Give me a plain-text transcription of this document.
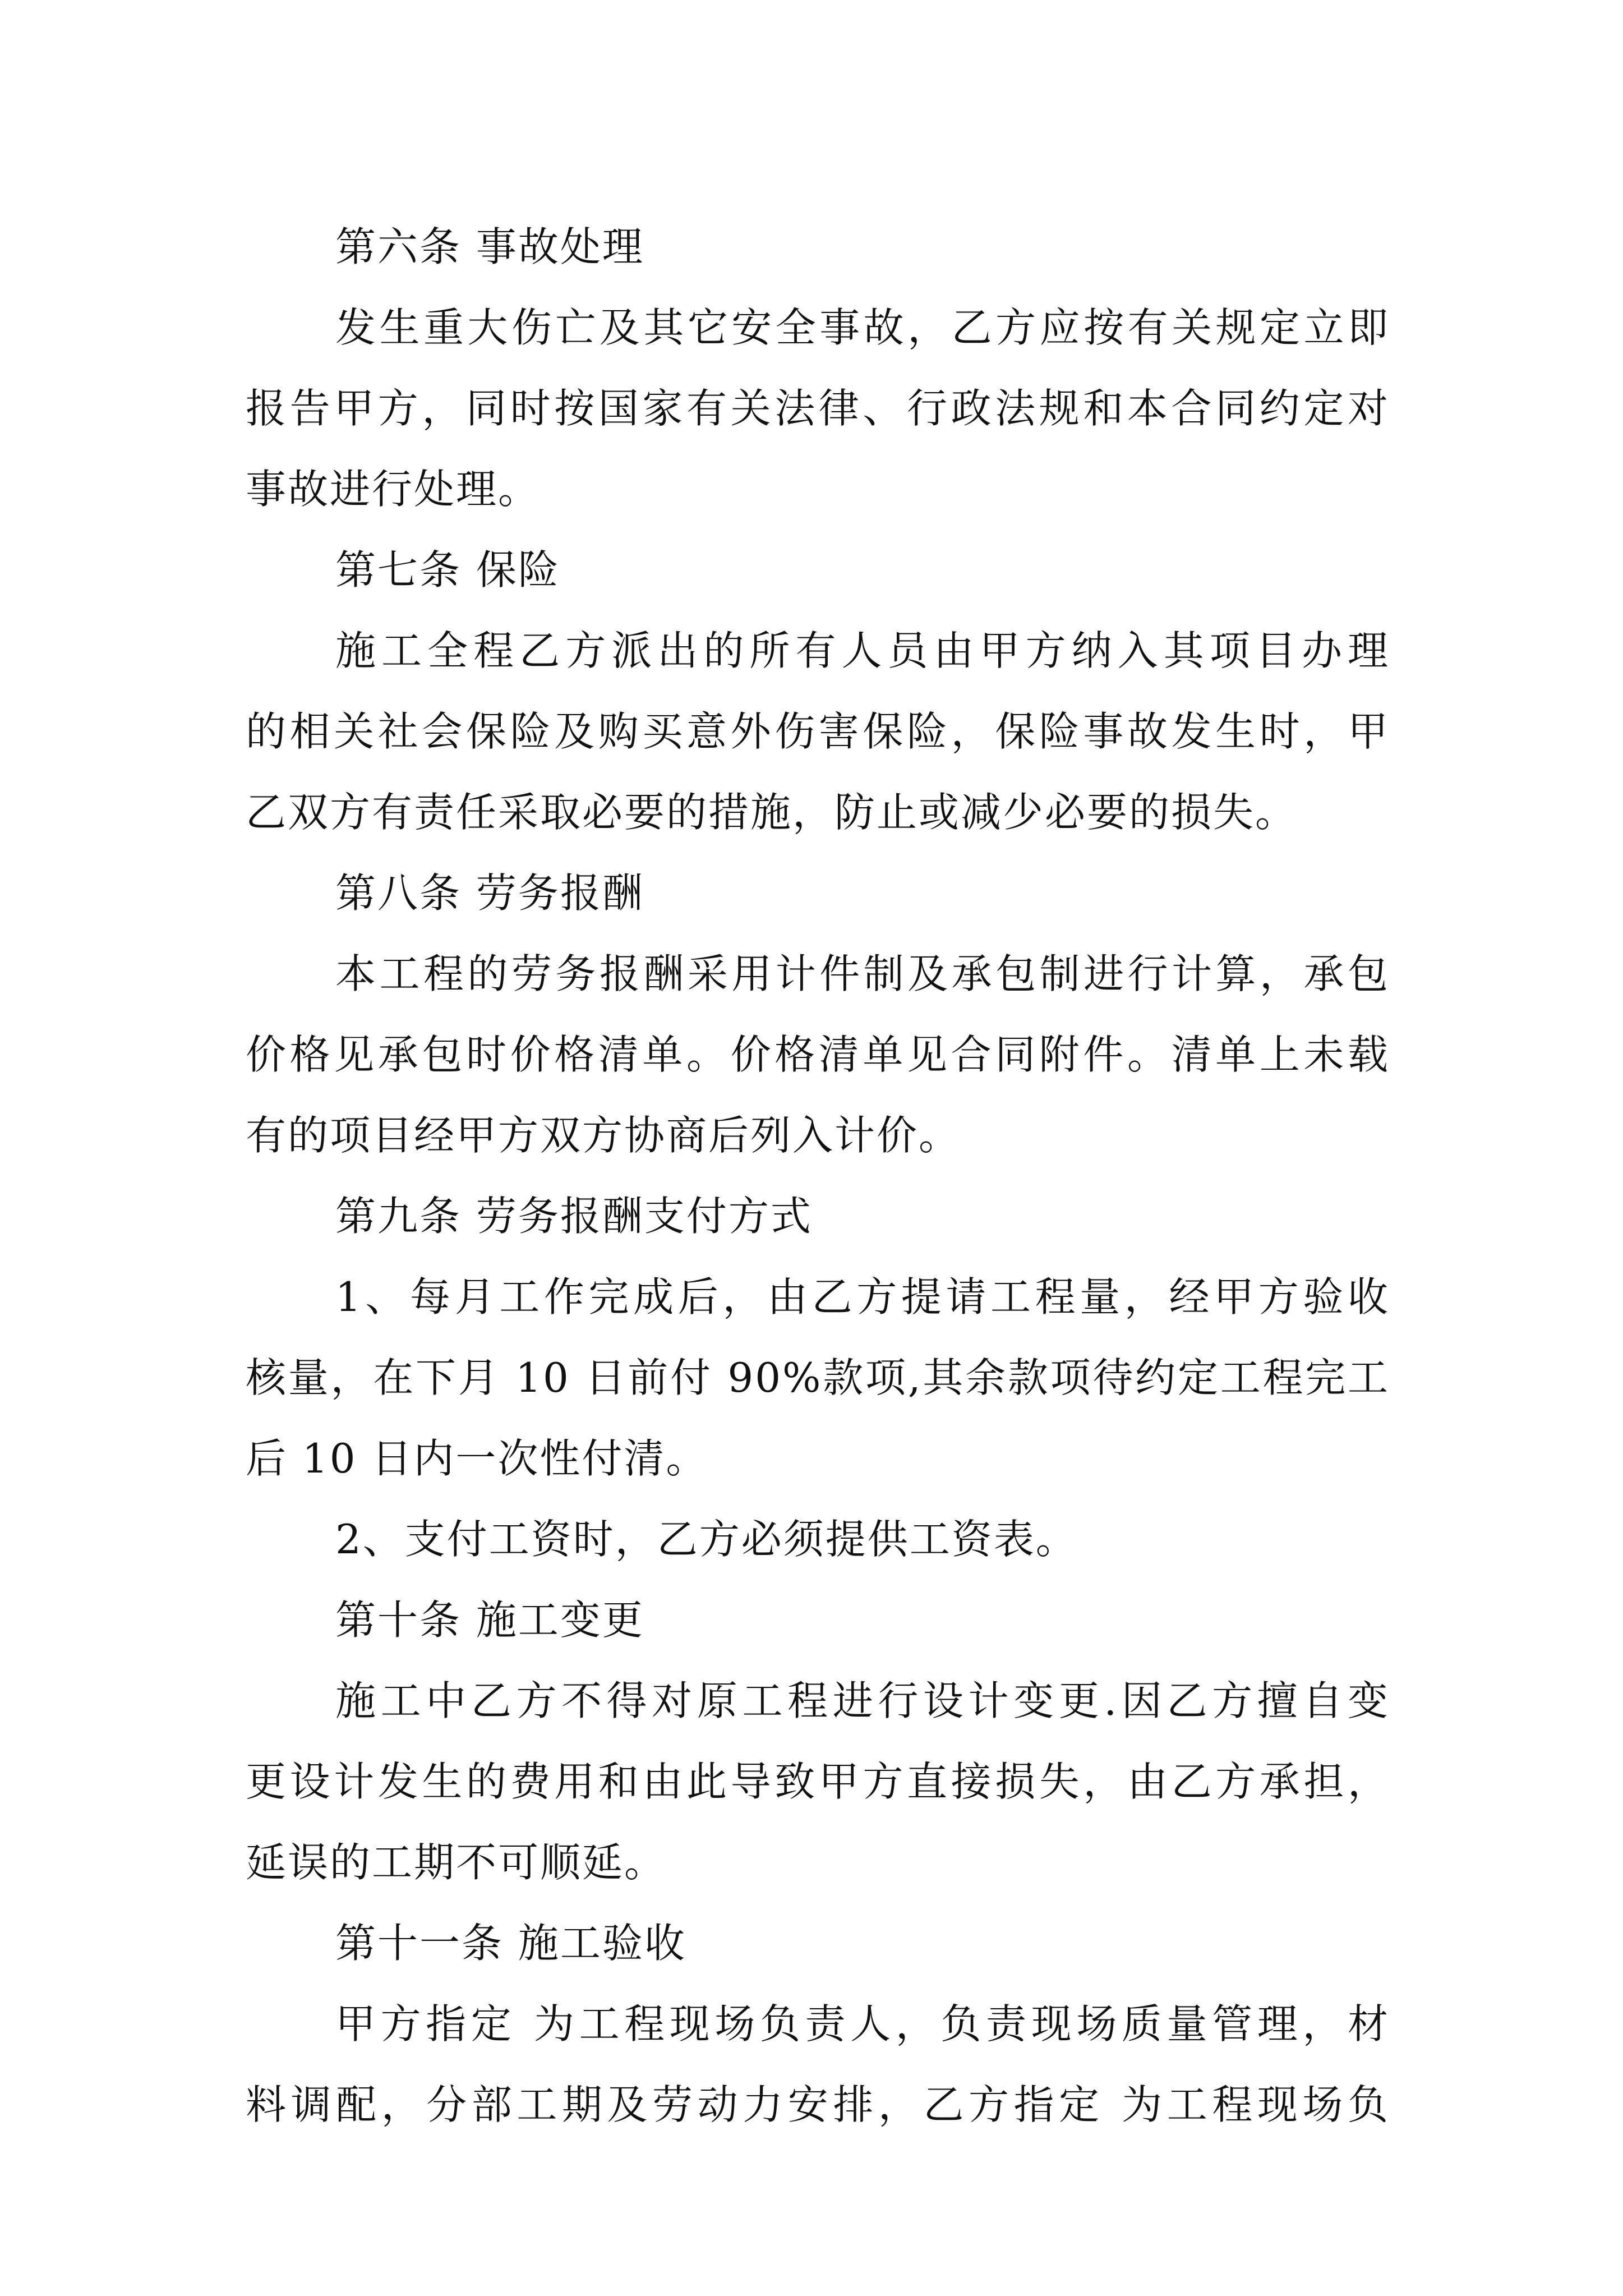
第六条 事故处理
发生重大伤亡及其它安全事故，乙方应按有关规定立即
报告甲方，同时按国家有关法律、行政法规和本合同约定对
事故进行处理。
第七条 保险
施工全程乙方派出的所有人员由甲方纳入其项目办理
的相关社会保险及购买意外伤害保险，保险事故发生时，甲
乙双方有责任采取必要的措施，防止或减少必要的损失。
第八条 劳务报酬
本工程的劳务报酬采用计件制及承包制进行计算，承包
价格见承包时价格清单。价格清单见合同附件。清单上未载
有的项目经甲方双方协商后列入计价。
第九条 劳务报酬支付方式
1、每月工作完成后，由乙方提请工程量，经甲方验收
核量，在下月 10 日前付 90%款项,其余款项待约定工程完工
后 10 日内一次性付清。
2、支付工资时，乙方必须提供工资表。
第十条 施工变更
施工中乙方不得对原工程进行设计变更.因乙方擅自变
更设计发生的费用和由此导致甲方直接损失，由乙方承担，
延误的工期不可顺延。
第十一条 施工验收
甲方指定 为工程现场负责人，负责现场质量管理，材
料调配，分部工期及劳动力安排，乙方指定 为工程现场负
